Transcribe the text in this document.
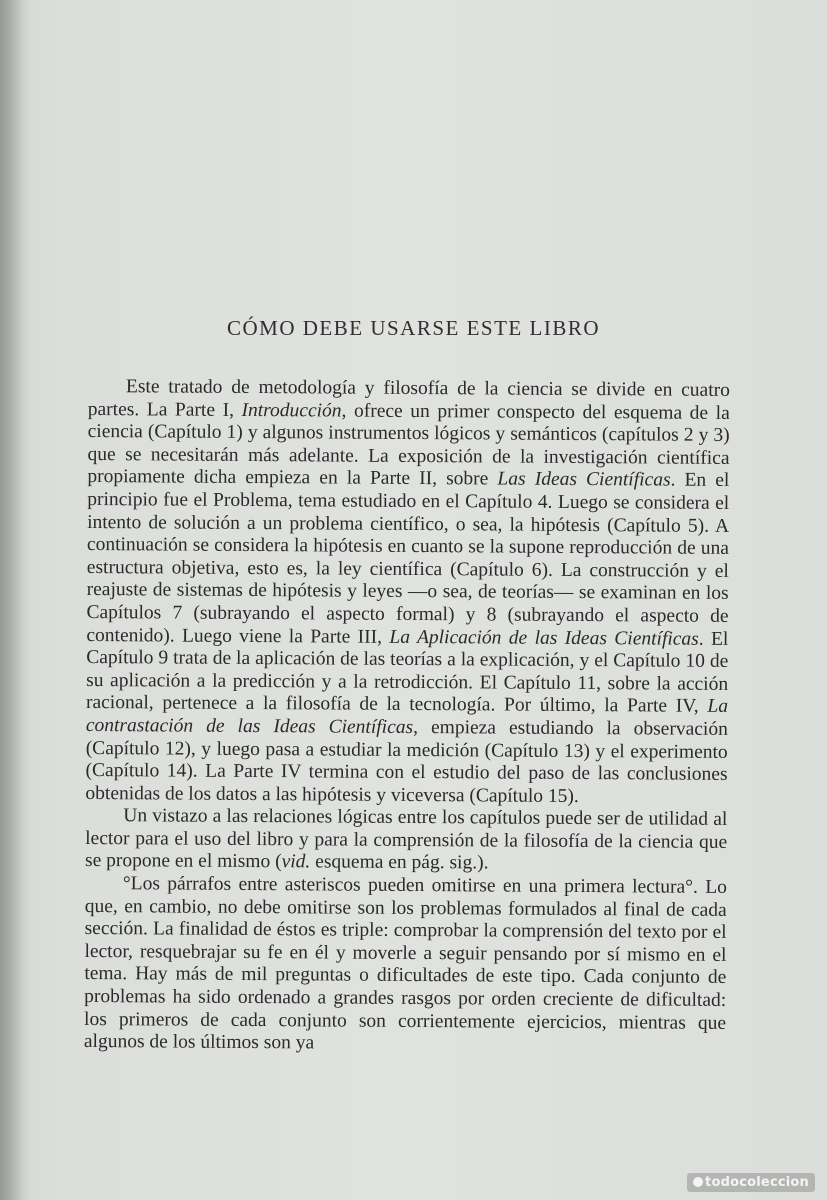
CÓMO DEBE USARSE ESTE LIBRO

Este tratado de metodología y filosofía de la ciencia se divide en cuatro partes. La Parte I, Introducción, ofrece un primer conspecto del esquema de la ciencia (Capítulo 1) y algunos instrumentos lógicos y semánticos (capítulos 2 y 3) que se necesitarán más adelante. La exposición de la investigación científica propiamente dicha empieza en la Parte II, sobre Las Ideas Científicas. En el principio fue el Problema, tema estudiado en el Capítulo 4. Luego se considera el intento de solución a un problema científico, o sea, la hipótesis (Capítulo 5). A continuación se considera la hipótesis en cuanto se la supone reproducción de una estructura objetiva, esto es, la ley científica (Capítulo 6). La construcción y el reajuste de sistemas de hipótesis y leyes —o sea, de teorías— se examinan en los Capítulos 7 (subrayando el aspecto formal) y 8 (subrayando el aspecto de contenido). Luego viene la Parte III, La Aplicación de las Ideas Científicas. El Capítulo 9 trata de la aplicación de las teorías a la explicación, y el Capítulo 10 de su aplicación a la predicción y a la retrodicción. El Capítulo 11, sobre la acción racional, pertenece a la filosofía de la tecnología. Por último, la Parte IV, La contrastación de las Ideas Científicas, empieza estudiando la observación (Capítulo 12), y luego pasa a estudiar la medición (Capítulo 13) y el experimento (Capítulo 14). La Parte IV termina con el estudio del paso de las conclusiones obtenidas de los datos a las hipótesis y viceversa (Capítulo 15).

Un vistazo a las relaciones lógicas entre los capítulos puede ser de utilidad al lector para el uso del libro y para la comprensión de la filosofía de la ciencia que se propone en el mismo (vid. esquema en pág. sig.).

°Los párrafos entre asteriscos pueden omitirse en una primera lectura°. Lo que, en cambio, no debe omitirse son los problemas formulados al final de cada sección. La finalidad de éstos es triple: comprobar la comprensión del texto por el lector, resquebrajar su fe en él y moverle a seguir pensando por sí mismo en el tema. Hay más de mil preguntas o dificultades de este tipo. Cada conjunto de problemas ha sido ordenado a grandes rasgos por orden creciente de dificultad: los primeros de cada conjunto son corrientemente ejercicios, mientras que algunos de los últimos son ya

todocoleccion
